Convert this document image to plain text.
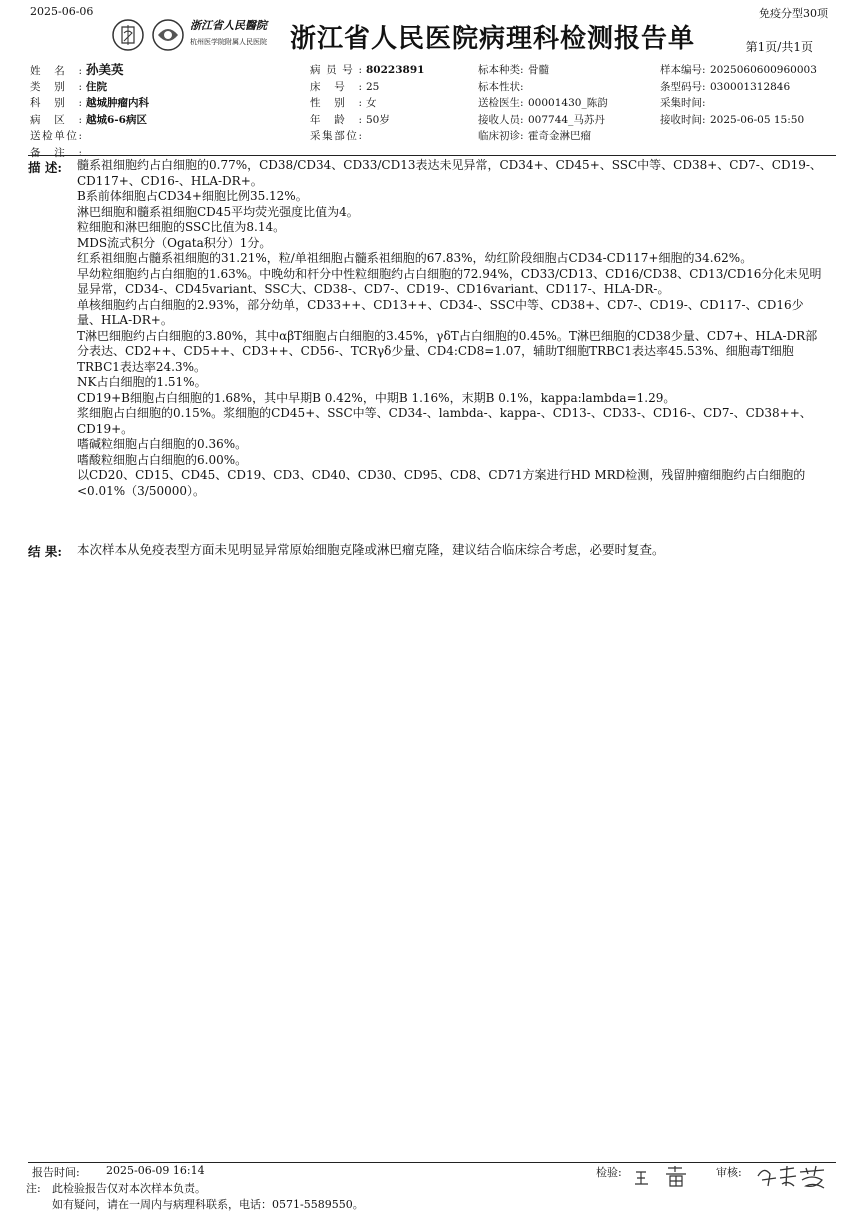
2025-06-06	免疫分型30项
浙江省人民醫院
杭州医学院附属人民医院 浙江省人民医院病理科检测报告单	第1页/共1页
姓名: 孙美英	病员号: 80223891	标本种类: 骨髓	样本编号: 2025060600960003
类别: 住院	床号: 25	标本性状:	条型码号: 030001312846
科别: 越城肿瘤内科	性别: 女	送检医生: 00001430_陈韵	采集时间:
病区: 越城6-6病区	年龄: 50岁	接收人员: 007744_马苏丹	接收时间: 2025-06-05 15:50
送检单位:	采集部位:	临床初诊: 霍奇金淋巴瘤
备注:
描 述: 髓系祖细胞约占白细胞的0.77%，CD38/CD34、CD33/CD13表达未见异常，CD34+、CD45+、SSC中等、CD38+、CD7-、CD19-、CD117+、CD16-、HLA-DR+。

B系前体细胞占CD34+细胞比例35.12%。

淋巴细胞和髓系祖细胞CD45平均荧光强度比值为4。

粒细胞和淋巴细胞的SSC比值为8.14。

MDS流式积分（Ogata积分）1分。

红系祖细胞占髓系祖细胞的31.21%，粒/单祖细胞占髓系祖细胞的67.83%，幼红阶段细胞占CD34-CD117+细胞的34.62%。

早幼粒细胞约占白细胞的1.63%。中晚幼和杆分中性粒细胞约占白细胞的72.94%，CD33/CD13、CD16/CD38、CD13/CD16分化未见明显异常，CD34-、CD45variant、SSC大、CD38-、CD7-、CD19-、CD16variant、CD117-、HLA-DR-。

单核细胞约占白细胞的2.93%，部分幼单，CD33++、CD13++、CD34-、SSC中等、CD38+、CD7-、CD19-、CD117-、CD16少量、HLA-DR+。

T淋巴细胞约占白细胞的3.80%，其中αβT细胞占白细胞的3.45%，γδT占白细胞的0.45%。T淋巴细胞的CD38少量、CD7+、HLA-DR部分表达、CD2++、CD5++、CD3++、CD56-、TCRγδ少量、CD4:CD8=1.07，辅助T细胞TRBC1表达率45.53%、细胞毒T细胞TRBC1表达率24.3%。

NK占白细胞的1.51%。

CD19+B细胞占白细胞的1.68%，其中早期B 0.42%，中期B 1.16%，末期B 0.1%，kappa:lambda=1.29。

浆细胞占白细胞的0.15%。浆细胞的CD45+、SSC中等、CD34-、lambda-、kappa-、CD13-、CD33-、CD16-、CD7-、CD38++、CD19+。

嗜碱粒细胞占白细胞的0.36%。

嗜酸粒细胞占白细胞的6.00%。

以CD20、CD15、CD45、CD19、CD3、CD40、CD30、CD95、CD8、CD71方案进行HD MRD检测，残留肿瘤细胞约占白细胞的<0.01%（3/50000）。

结 果: 本次样本从免疫表型方面未见明显异常原始细胞克隆或淋巴瘤克隆，建议结合临床综合考虑，必要时复查。
报告时间: 2025-06-09 16:14	检验:	审核:
注: 此检验报告仅对本次样本负责。
如有疑问，请在一周内与病理科联系，电话：0571-5589550。
